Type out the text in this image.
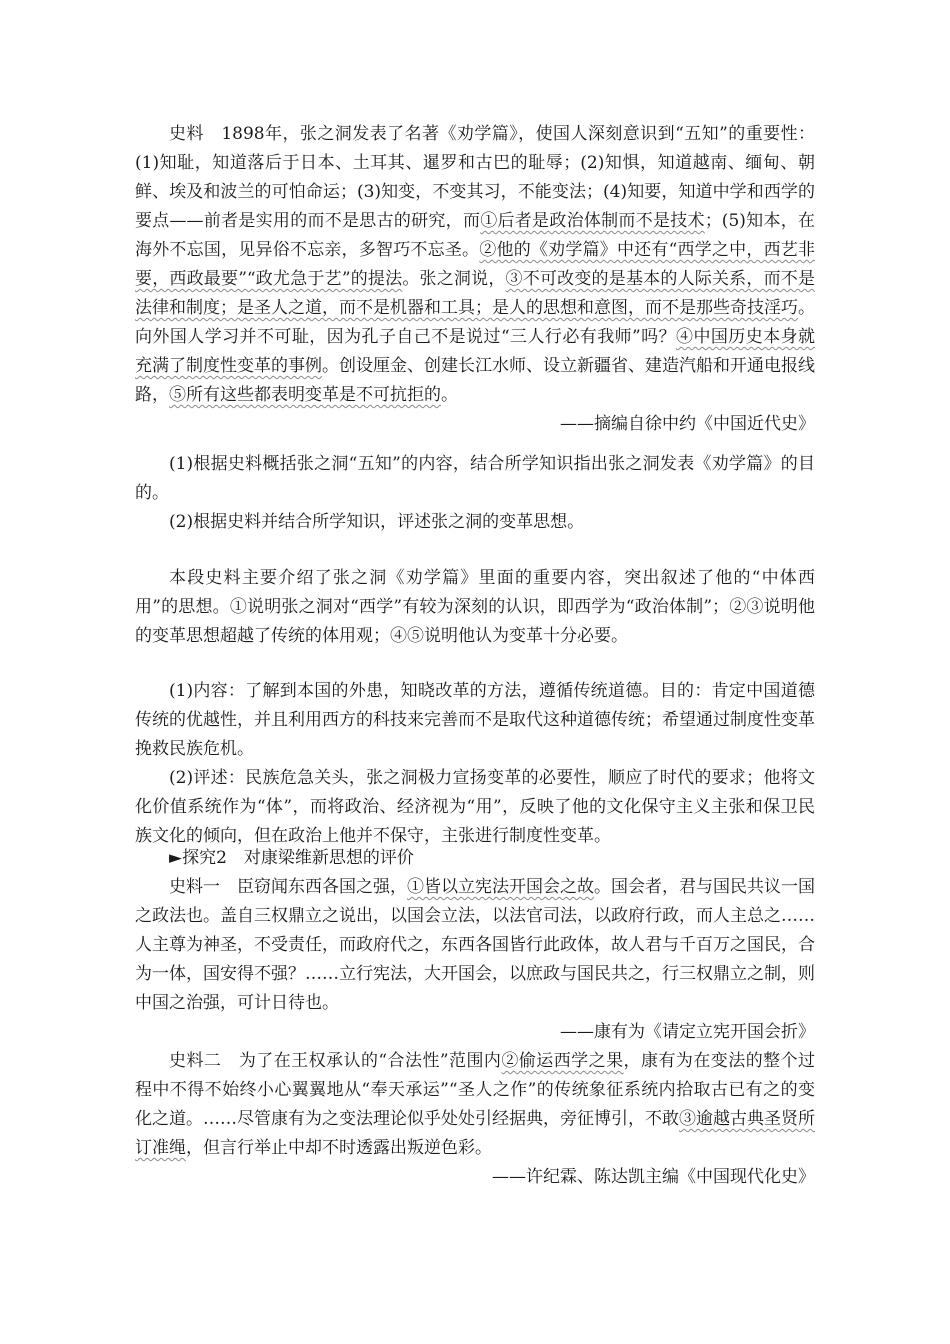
史料　 1898年，张之洞发表了名著《劝学篇》，使国人深刻意识到“五知”的重要性：(1)知耻，知道落后于日本、土耳其、暹罗和古巴的耻辱；(2)知惧，知道越南、缅甸、朝鲜、埃及和波兰的可怕命运；(3)知变，不变其习，不能变法；(4)知要，知道中学和西学的要点——前者是实用的而不是思古的研究，而①后者是政治体制而不是技术；(5)知本，在海外不忘国，见异俗不忘亲，多智巧不忘圣。②他的《劝学篇》中还有“西学之中，西艺非要，西政最要”“政尤急于艺”的提法。张之洞说，③不可改变的是基本的人际关系，而不是法律和制度；是圣人之道，而不是机器和工具；是人的思想和意图，而不是那些奇技淫巧。向外国人学习并不可耻，因为孔子自己不是说过“三人行必有我师”吗？④中国历史本身就充满了制度性变革的事例。创设厘金、创建长江水师、设立新疆省、建造汽船和开通电报线路，⑤所有这些都表明变革是不可抗拒的。

——摘编自徐中约《中国近代史》

(1)根据史料概括张之洞“五知”的内容，结合所学知识指出张之洞发表《劝学篇》的目的。

(2)根据史料并结合所学知识，评述张之洞的变革思想。

本段史料主要介绍了张之洞《劝学篇》里面的重要内容，突出叙述了他的“中体西用”的思想。①说明张之洞对“西学”有较为深刻的认识，即西学为“政治体制”；②③说明他的变革思想超越了传统的体用观；④⑤说明他认为变革十分必要。

(1)内容：了解到本国的外患，知晓改革的方法，遵循传统道德。目的：肯定中国道德传统的优越性，并且利用西方的科技来完善而不是取代这种道德传统；希望通过制度性变革挽救民族危机。

(2)评述：民族危急关头，张之洞极力宣扬变革的必要性，顺应了时代的要求；他将文化价值系统作为“体”，而将政治、经济视为“用”，反映了他的文化保守主义主张和保卫民族文化的倾向，但在政治上他并不保守，主张进行制度性变革。

►探究2　对康梁维新思想的评价

史料一　 臣窃闻东西各国之强，①皆以立宪法开国会之故。国会者，君与国民共议一国之政法也。盖自三权鼎立之说出，以国会立法，以法官司法，以政府行政，而人主总之……人主尊为神圣，不受责任，而政府代之，东西各国皆行此政体，故人君与千百万之国民，合为一体，国安得不强？……立行宪法，大开国会，以庶政与国民共之，行三权鼎立之制，则中国之治强，可计日待也。

——康有为《请定立宪开国会折》

史料二　 为了在王权承认的“合法性”范围内②偷运西学之果，康有为在变法的整个过程中不得不始终小心翼翼地从“奉天承运”“圣人之作”的传统象征系统内拾取古已有之的变化之道。……尽管康有为之变法理论似乎处处引经据典，旁征博引，不敢③逾越古典圣贤所订准绳，但言行举止中却不时透露出叛逆色彩。

——许纪霖、陈达凯主编《中国现代化史》
